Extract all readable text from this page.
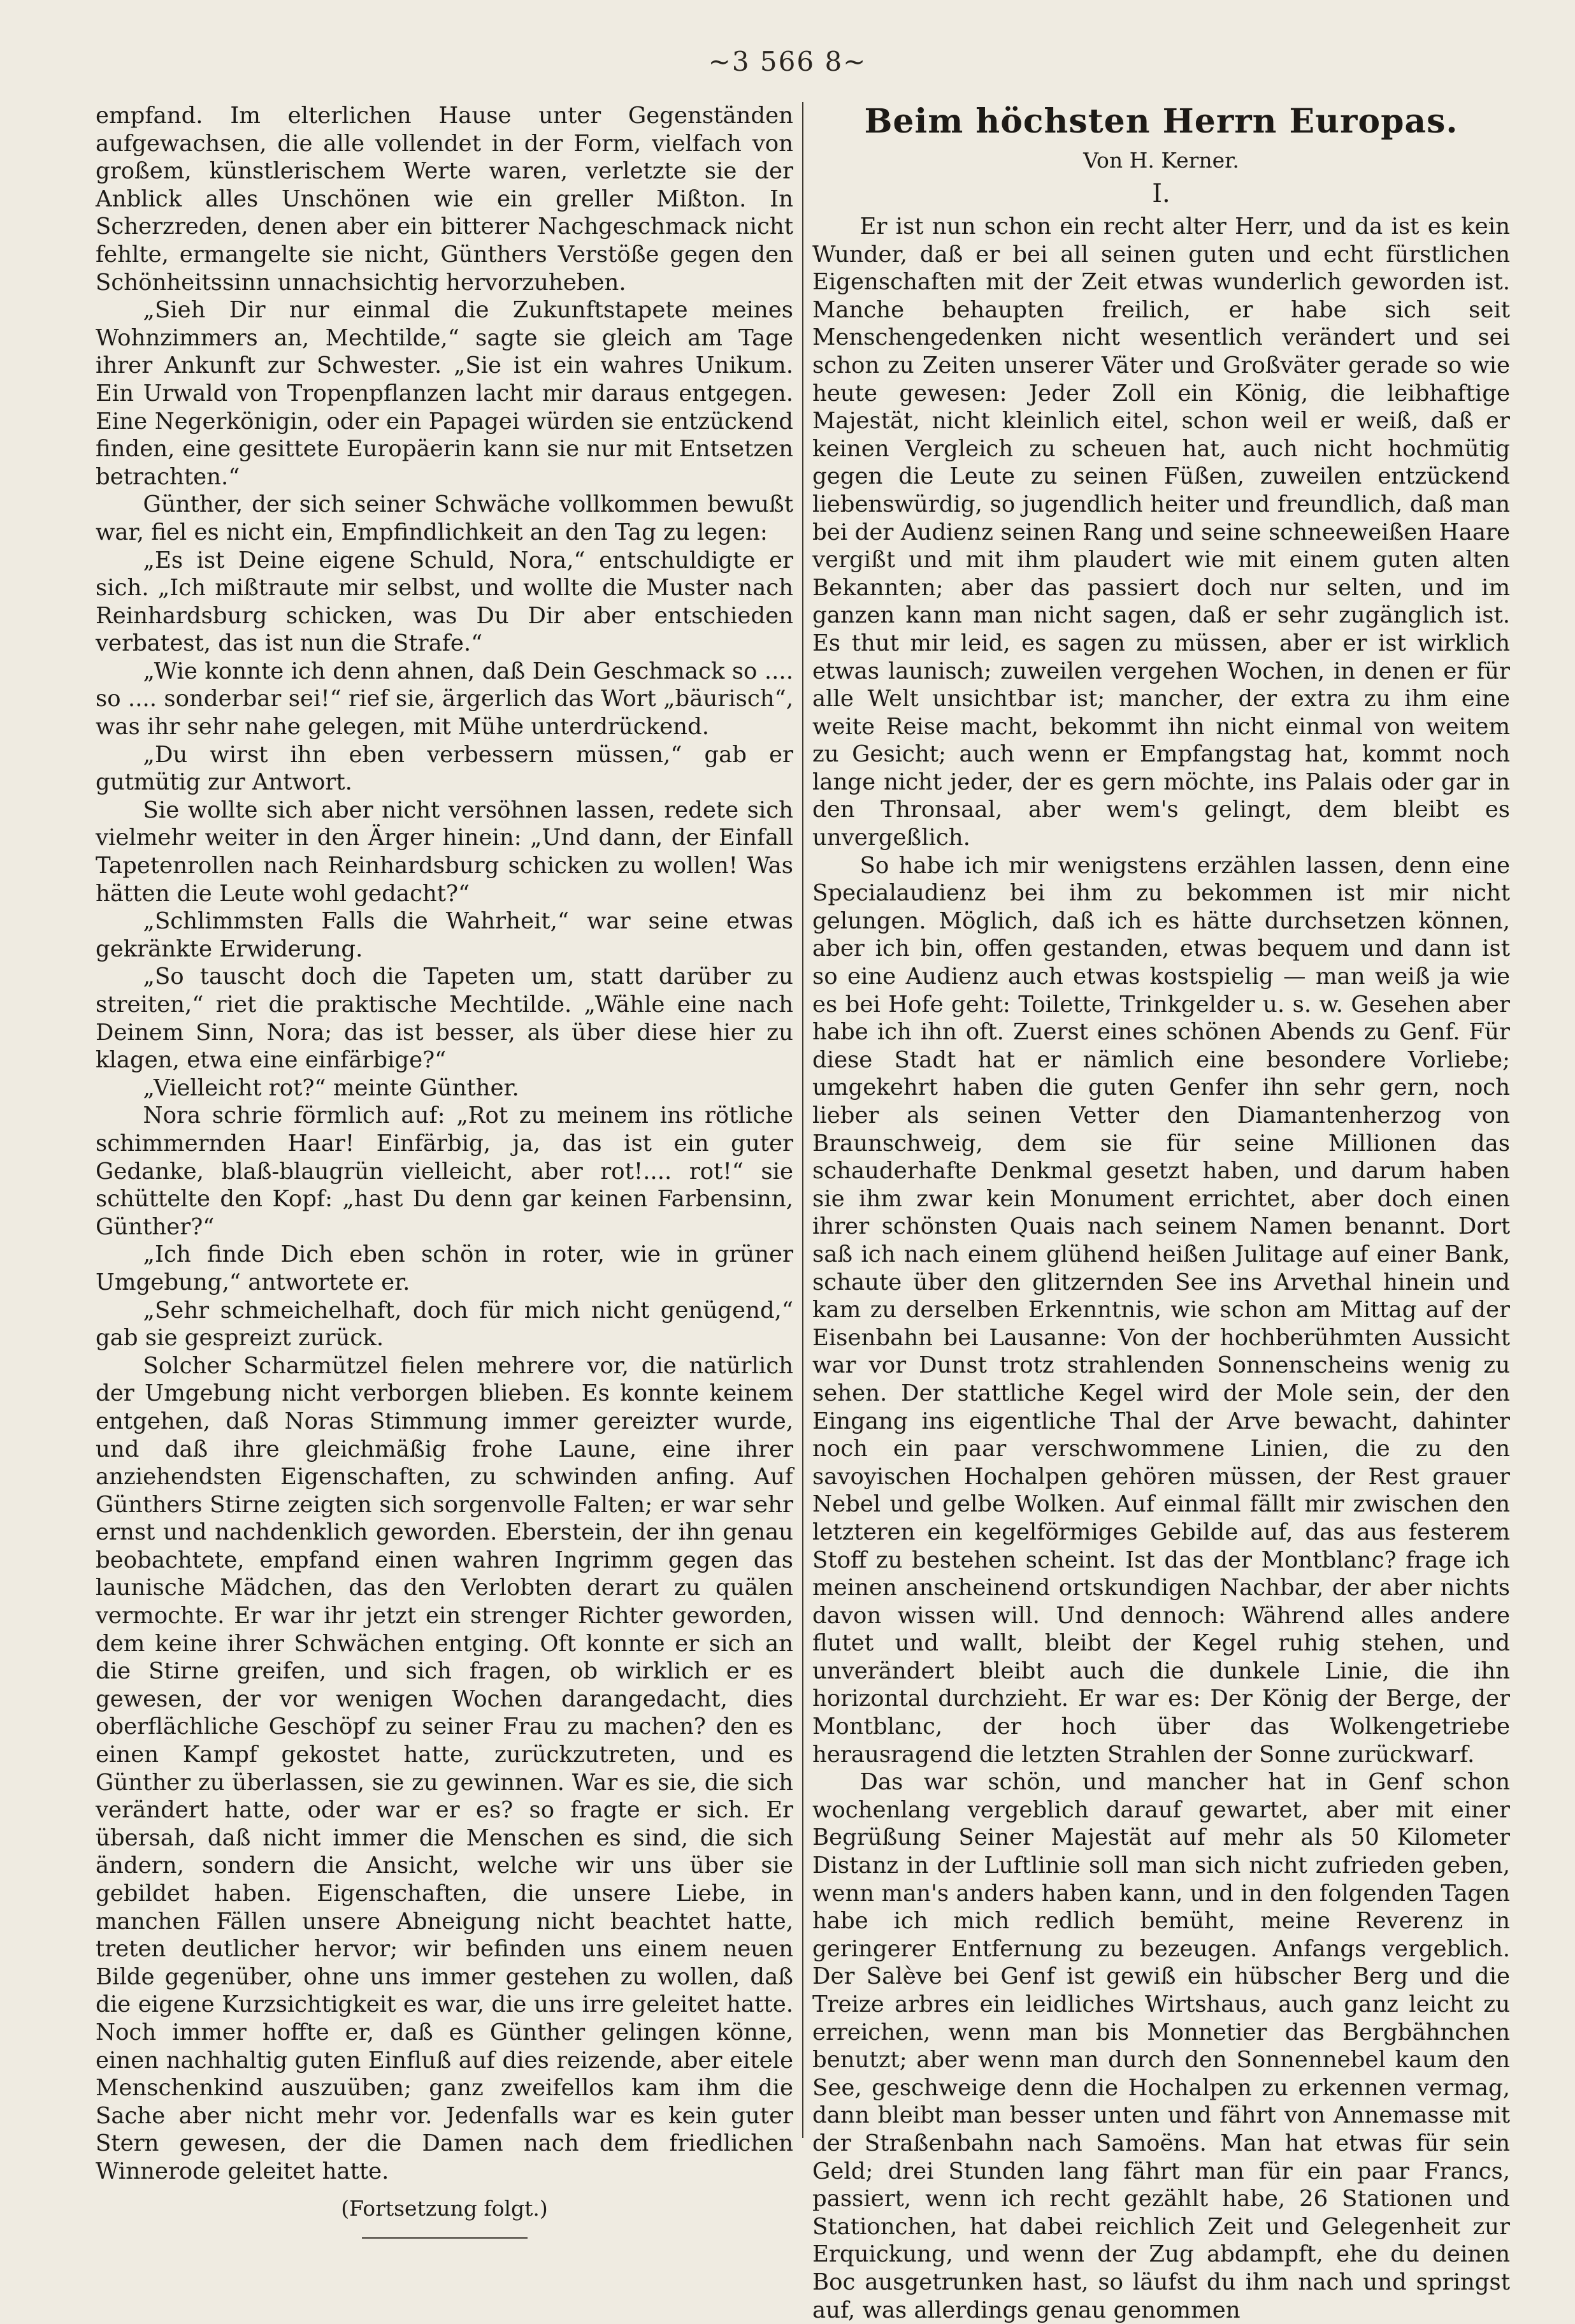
~3 566 8~

empfand. Im elterlichen Hause unter Gegenständen aufgewachsen, die alle vollendet in der Form, vielfach von großem, künstlerischem Werte waren, verletzte sie der Anblick alles Unschönen wie ein greller Mißton. In Scherzreden, denen aber ein bitterer Nachgeschmack nicht fehlte, ermangelte sie nicht, Günthers Verstöße gegen den Schönheitssinn unnachsichtig hervorzuheben.

„Sieh Dir nur einmal die Zukunftstapete meines Wohnzimmers an, Mechtilde,“ sagte sie gleich am Tage ihrer Ankunft zur Schwester. „Sie ist ein wahres Unikum. Ein Urwald von Tropenpflanzen lacht mir daraus entgegen. Eine Negerkönigin, oder ein Papagei würden sie entzückend finden, eine gesittete Europäerin kann sie nur mit Entsetzen betrachten.“

Günther, der sich seiner Schwäche vollkommen bewußt war, fiel es nicht ein, Empfindlichkeit an den Tag zu legen:

„Es ist Deine eigene Schuld, Nora,“ entschuldigte er sich. „Ich mißtraute mir selbst, und wollte die Muster nach Reinhardsburg schicken, was Du Dir aber entschieden verbatest, das ist nun die Strafe.“

„Wie konnte ich denn ahnen, daß Dein Geschmack so .... so .... sonderbar sei!“ rief sie, ärgerlich das Wort „bäurisch“, was ihr sehr nahe gelegen, mit Mühe unterdrückend.

„Du wirst ihn eben verbessern müssen,“ gab er gutmütig zur Antwort.

Sie wollte sich aber nicht versöhnen lassen, redete sich vielmehr weiter in den Ärger hinein: „Und dann, der Einfall Tapetenrollen nach Reinhardsburg schicken zu wollen! Was hätten die Leute wohl gedacht?“

„Schlimmsten Falls die Wahrheit,“ war seine etwas gekränkte Erwiderung.

„So tauscht doch die Tapeten um, statt darüber zu streiten,“ riet die praktische Mechtilde. „Wähle eine nach Deinem Sinn, Nora; das ist besser, als über diese hier zu klagen, etwa eine einfärbige?“

„Vielleicht rot?“ meinte Günther.

Nora schrie förmlich auf: „Rot zu meinem ins rötliche schimmernden Haar! Einfärbig, ja, das ist ein guter Gedanke, blaß-blaugrün vielleicht, aber rot!.... rot!“ sie schüttelte den Kopf: „hast Du denn gar keinen Farbensinn, Günther?“

„Ich finde Dich eben schön in roter, wie in grüner Umgebung,“ antwortete er.

„Sehr schmeichelhaft, doch für mich nicht genügend,“ gab sie gespreizt zurück.

Solcher Scharmützel fielen mehrere vor, die natürlich der Umgebung nicht verborgen blieben. Es konnte keinem entgehen, daß Noras Stimmung immer gereizter wurde, und daß ihre gleichmäßig frohe Laune, eine ihrer anziehendsten Eigenschaften, zu schwinden anfing. Auf Günthers Stirne zeigten sich sorgenvolle Falten; er war sehr ernst und nachdenklich geworden. Eberstein, der ihn genau beobachtete, empfand einen wahren Ingrimm gegen das launische Mädchen, das den Verlobten derart zu quälen vermochte. Er war ihr jetzt ein strenger Richter geworden, dem keine ihrer Schwächen entging. Oft konnte er sich an die Stirne greifen, und sich fragen, ob wirklich er es gewesen, der vor wenigen Wochen darangedacht, dies oberflächliche Geschöpf zu seiner Frau zu machen? den es einen Kampf gekostet hatte, zurückzutreten, und es Günther zu überlassen, sie zu gewinnen. War es sie, die sich verändert hatte, oder war er es? so fragte er sich. Er übersah, daß nicht immer die Menschen es sind, die sich ändern, sondern die Ansicht, welche wir uns über sie gebildet haben. Eigenschaften, die unsere Liebe, in manchen Fällen unsere Abneigung nicht beachtet hatte, treten deutlicher hervor; wir befinden uns einem neuen Bilde gegenüber, ohne uns immer gestehen zu wollen, daß die eigene Kurzsichtigkeit es war, die uns irre geleitet hatte. Noch immer hoffte er, daß es Günther gelingen könne, einen nachhaltig guten Einfluß auf dies reizende, aber eitele Menschenkind auszuüben; ganz zweifellos kam ihm die Sache aber nicht mehr vor. Jedenfalls war es kein guter Stern gewesen, der die Damen nach dem friedlichen Winnerode geleitet hatte.

(Fortsetzung folgt.)
Beim höchsten Herrn Europas.
Von H. Kerner.
I.

Er ist nun schon ein recht alter Herr, und da ist es kein Wunder, daß er bei all seinen guten und echt fürstlichen Eigenschaften mit der Zeit etwas wunderlich geworden ist. Manche behaupten freilich, er habe sich seit Menschengedenken nicht wesentlich verändert und sei schon zu Zeiten unserer Väter und Großväter gerade so wie heute gewesen: Jeder Zoll ein König, die leibhaftige Majestät, nicht kleinlich eitel, schon weil er weiß, daß er keinen Vergleich zu scheuen hat, auch nicht hochmütig gegen die Leute zu seinen Füßen, zuweilen entzückend liebenswürdig, so jugendlich heiter und freundlich, daß man bei der Audienz seinen Rang und seine schneeweißen Haare vergißt und mit ihm plaudert wie mit einem guten alten Bekannten; aber das passiert doch nur selten, und im ganzen kann man nicht sagen, daß er sehr zugänglich ist. Es thut mir leid, es sagen zu müssen, aber er ist wirklich etwas launisch; zuweilen vergehen Wochen, in denen er für alle Welt unsichtbar ist; mancher, der extra zu ihm eine weite Reise macht, bekommt ihn nicht einmal von weitem zu Gesicht; auch wenn er Empfangstag hat, kommt noch lange nicht jeder, der es gern möchte, ins Palais oder gar in den Thronsaal, aber wem's gelingt, dem bleibt es unvergeßlich.

So habe ich mir wenigstens erzählen lassen, denn eine Specialaudienz bei ihm zu bekommen ist mir nicht gelungen. Möglich, daß ich es hätte durchsetzen können, aber ich bin, offen gestanden, etwas bequem und dann ist so eine Audienz auch etwas kostspielig — man weiß ja wie es bei Hofe geht: Toilette, Trinkgelder u. s. w. Gesehen aber habe ich ihn oft. Zuerst eines schönen Abends zu Genf. Für diese Stadt hat er nämlich eine besondere Vorliebe; umgekehrt haben die guten Genfer ihn sehr gern, noch lieber als seinen Vetter den Diamantenherzog von Braunschweig, dem sie für seine Millionen das schauderhafte Denkmal gesetzt haben, und darum haben sie ihm zwar kein Monument errichtet, aber doch einen ihrer schönsten Quais nach seinem Namen benannt. Dort saß ich nach einem glühend heißen Julitage auf einer Bank, schaute über den glitzernden See ins Arvethal hinein und kam zu derselben Erkenntnis, wie schon am Mittag auf der Eisenbahn bei Lausanne: Von der hochberühmten Aussicht war vor Dunst trotz strahlenden Sonnenscheins wenig zu sehen. Der stattliche Kegel wird der Mole sein, der den Eingang ins eigentliche Thal der Arve bewacht, dahinter noch ein paar verschwommene Linien, die zu den savoyischen Hochalpen gehören müssen, der Rest grauer Nebel und gelbe Wolken. Auf einmal fällt mir zwischen den letzteren ein kegelförmiges Gebilde auf, das aus festerem Stoff zu bestehen scheint. Ist das der Montblanc? frage ich meinen anscheinend ortskundigen Nachbar, der aber nichts davon wissen will. Und dennoch: Während alles andere flutet und wallt, bleibt der Kegel ruhig stehen, und unverändert bleibt auch die dunkele Linie, die ihn horizontal durchzieht. Er war es: Der König der Berge, der Montblanc, der hoch über das Wolkengetriebe herausragend die letzten Strahlen der Sonne zurückwarf.

Das war schön, und mancher hat in Genf schon wochenlang vergeblich darauf gewartet, aber mit einer Begrüßung Seiner Majestät auf mehr als 50 Kilometer Distanz in der Luftlinie soll man sich nicht zufrieden geben, wenn man's anders haben kann, und in den folgenden Tagen habe ich mich redlich bemüht, meine Reverenz in geringerer Entfernung zu bezeugen. Anfangs vergeblich. Der Salève bei Genf ist gewiß ein hübscher Berg und die Treize arbres ein leidliches Wirtshaus, auch ganz leicht zu erreichen, wenn man bis Monnetier das Bergbähnchen benutzt; aber wenn man durch den Sonnennebel kaum den See, geschweige denn die Hochalpen zu erkennen vermag, dann bleibt man besser unten und fährt von Annemasse mit der Straßenbahn nach Samoëns. Man hat etwas für sein Geld; drei Stunden lang fährt man für ein paar Francs, passiert, wenn ich recht gezählt habe, 26 Stationen und Stationchen, hat dabei reichlich Zeit und Gelegenheit zur Erquickung, und wenn der Zug abdampft, ehe du deinen Boc ausgetrunken hast, so läufst du ihm nach und springst auf, was allerdings genau genommen
